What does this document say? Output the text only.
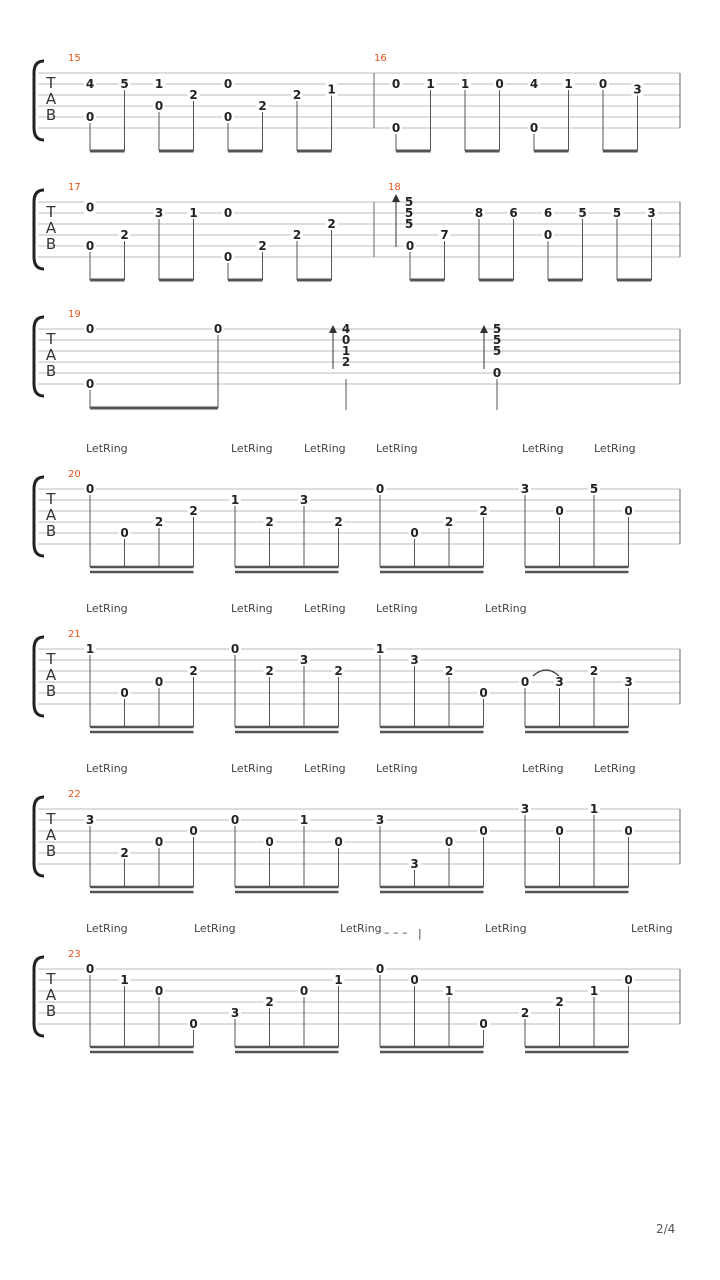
T
A
B
15
4
0
5 1
0
2
0
0
2
2 1
16
0
0
1 1 0 4
0
1 0 3
T
A
B
17
0
0
2
3 1 0
0
2
2
2
18
0
7
8 6 6
0
5 5 3
5
5
5
T
A
B
19
0
0
0	4
0
1
2
5
5
5
0
T
A
B
LetRing	LetRing	LetRing	LetRing	LetRing	LetRing
20
0
0
2
2
1
2
3
2
0
0
2
2
3
0
5
0
T
A
B
LetRing	LetRing	LetRing	LetRing	LetRing
21
1
0
0
2
0
2
3
2
1
3
2
0
0 3
2
3
T
A
B
LetRing	LetRing	LetRing	LetRing	LetRing	LetRing
22
3
2
0
0
0
0
1
0
3
3
0
0
3
0
1
0
T
A
B
LetRing	LetRing	LetRing	LetRing	LetRing
– – – |
23
0
1
0
0
3
2
0
1
0
0
1
0
2
2
1
0
2/4
